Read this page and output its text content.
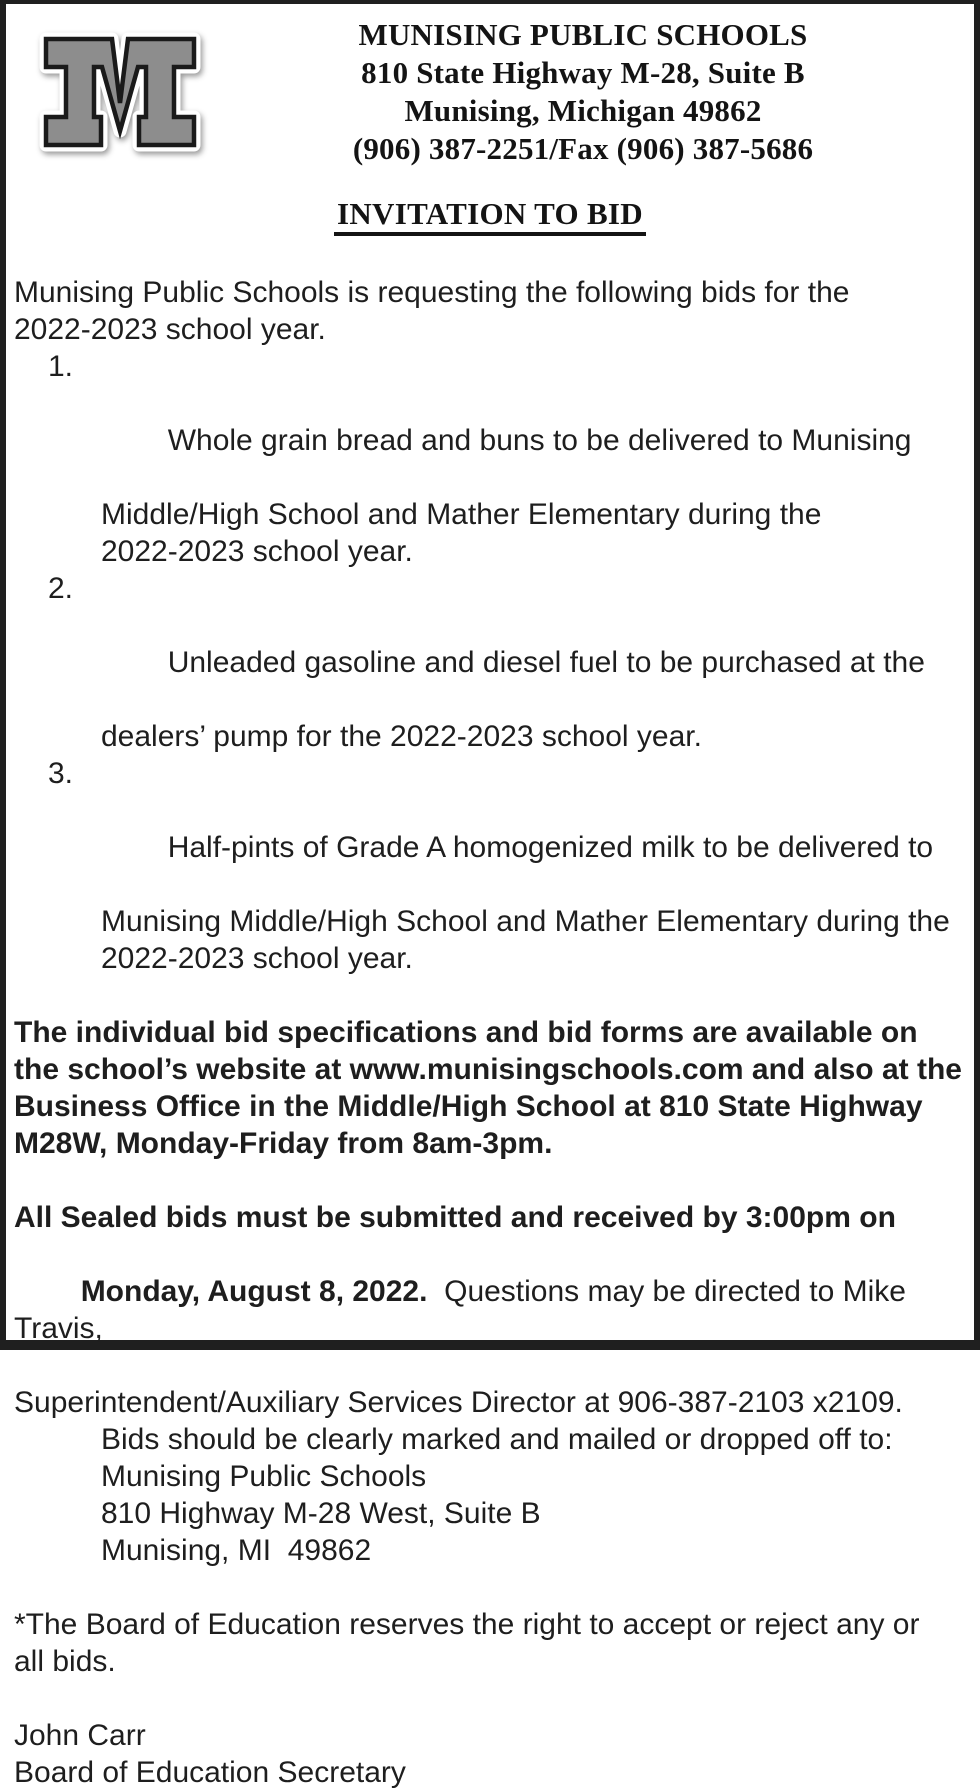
MUNISING PUBLIC SCHOOLS
810 State Highway M-28, Suite B
Munising, Michigan 49862
(906) 387-2251/Fax (906) 387-5686
INVITATION TO BID
Munising Public Schools is requesting the following bids for the
2022-2023 school year.

1.

Whole grain bread and buns to be delivered to Munising

Middle/High School and Mather Elementary during the
2022-2023 school year.

2.

Unleaded gasoline and diesel fuel to be purchased at the

dealers’ pump for the 2022-2023 school year.

3.

Half-pints of Grade A homogenized milk to be delivered to

Munising Middle/High School and Mather Elementary during the
2022-2023 school year.
The individual bid specifications and bid forms are available on
the school’s website at www.munisingschools.com and also at the
Business Office in the Middle/High School at 810 State Highway
M28W, Monday-Friday from 8am-3pm.
All Sealed bids must be submitted and received by 3:00pm on

Monday, August 8, 2022.  Questions may be directed to Mike Travis,

Superintendent/Auxiliary Services Director at 906-387-2103 x2109.
Bids should be clearly marked and mailed or dropped off to:
Munising Public Schools
810 Highway M-28 West, Suite B
Munising, MI  49862
*The Board of Education reserves the right to accept or reject any or
all bids.
John Carr
Board of Education Secretary
